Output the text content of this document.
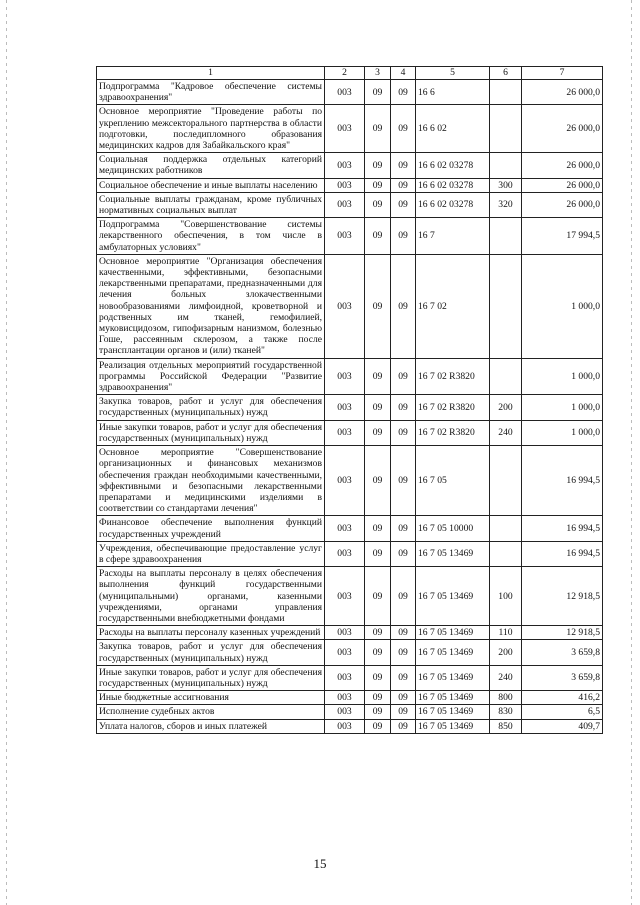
1	2	3	4	5	6	7
Подпрограмма "Кадровое обеспечение системы здравоохранения"	003	09	09	16 6		26 000,0
Основное мероприятие "Проведение работы по укреплению межсекторального партнерства в области подготовки, последипломного образования медицинских кадров для Забайкальского края"	003	09	09	16 6 02		26 000,0
Социальная поддержка отдельных категорий медицинских работников	003	09	09	16 6 02 03278		26 000,0
Социальное обеспечение и иные выплаты населению	003	09	09	16 6 02 03278	300	26 000,0
Социальные выплаты гражданам, кроме публичных нормативных социальных выплат	003	09	09	16 6 02 03278	320	26 000,0
Подпрограмма "Совершенствование системы лекарственного обеспечения, в том числе в амбулаторных условиях"	003	09	09	16 7		17 994,5
Основное мероприятие "Организация обеспечения качественными, эффективными, безопасными лекарственными препаратами, предназначенными для лечения больных злокачественными новообразованиями лимфоидной, кроветворной и родственных им тканей, гемофилией, муковисцидозом, гипофизарным нанизмом, болезнью Гоше, рассеянным склерозом, а также после трансплантации органов и (или) тканей"	003	09	09	16 7 02		1 000,0
Реализация отдельных мероприятий государственной программы Российской Федерации "Развитие здравоохранения"	003	09	09	16 7 02 R3820		1 000,0
Закупка товаров, работ и услуг для обеспечения государственных (муниципальных) нужд	003	09	09	16 7 02 R3820	200	1 000,0
Иные закупки товаров, работ и услуг для обеспечения государственных (муниципальных) нужд	003	09	09	16 7 02 R3820	240	1 000,0
Основное мероприятие "Совершенствование организационных и финансовых механизмов обеспечения граждан необходимыми качественными, эффективными и безопасными лекарственными препаратами и медицинскими изделиями в соответствии со стандартами лечения"	003	09	09	16 7 05		16 994,5
Финансовое обеспечение выполнения функций государственных учреждений	003	09	09	16 7 05 10000		16 994,5
Учреждения, обеспечивающие предоставление услуг в сфере здравоохранения	003	09	09	16 7 05 13469		16 994,5
Расходы на выплаты персоналу в целях обеспечения выполнения функций государственными (муниципальными) органами, казенными учреждениями, органами управления государственными внебюджетными фондами	003	09	09	16 7 05 13469	100	12 918,5
Расходы на выплаты персоналу казенных учреждений	003	09	09	16 7 05 13469	110	12 918,5
Закупка товаров, работ и услуг для обеспечения государственных (муниципальных) нужд	003	09	09	16 7 05 13469	200	3 659,8
Иные закупки товаров, работ и услуг для обеспечения государственных (муниципальных) нужд	003	09	09	16 7 05 13469	240	3 659,8
Иные бюджетные ассигнования	003	09	09	16 7 05 13469	800	416,2
Исполнение судебных актов	003	09	09	16 7 05 13469	830	6,5
Уплата налогов, сборов и иных платежей	003	09	09	16 7 05 13469	850	409,7
15
